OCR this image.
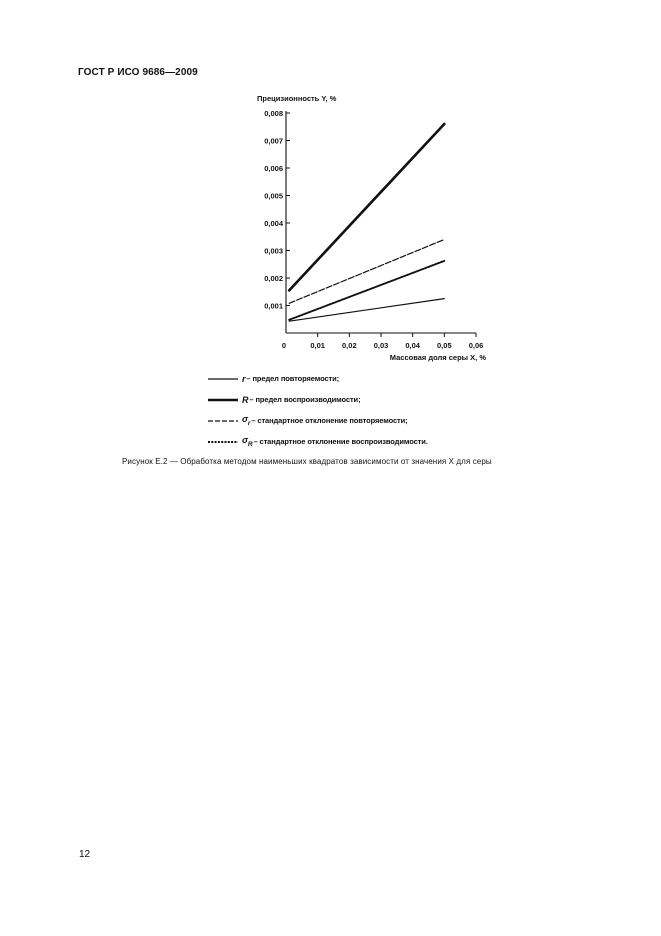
ГОСТ Р ИСО 9686—2009
0,001
0,002
0,003
0,004
0,005
0,006
0,007
0,008
0	0,01 0,02 0,03 0,04 0,05 0,06
Прецизионность Y, %
Массовая доля серы X, %
r – предел повторяемости;
R – предел воспроизводимости;
$\sigma_r$ – стандартное отклонение повторяемости;
$\sigma_R$ – стандартное отклонение воспроизводимости.
Рисунок Е.2 — Обработка методом наименьших квадратов зависимости от значения X для серы
12
